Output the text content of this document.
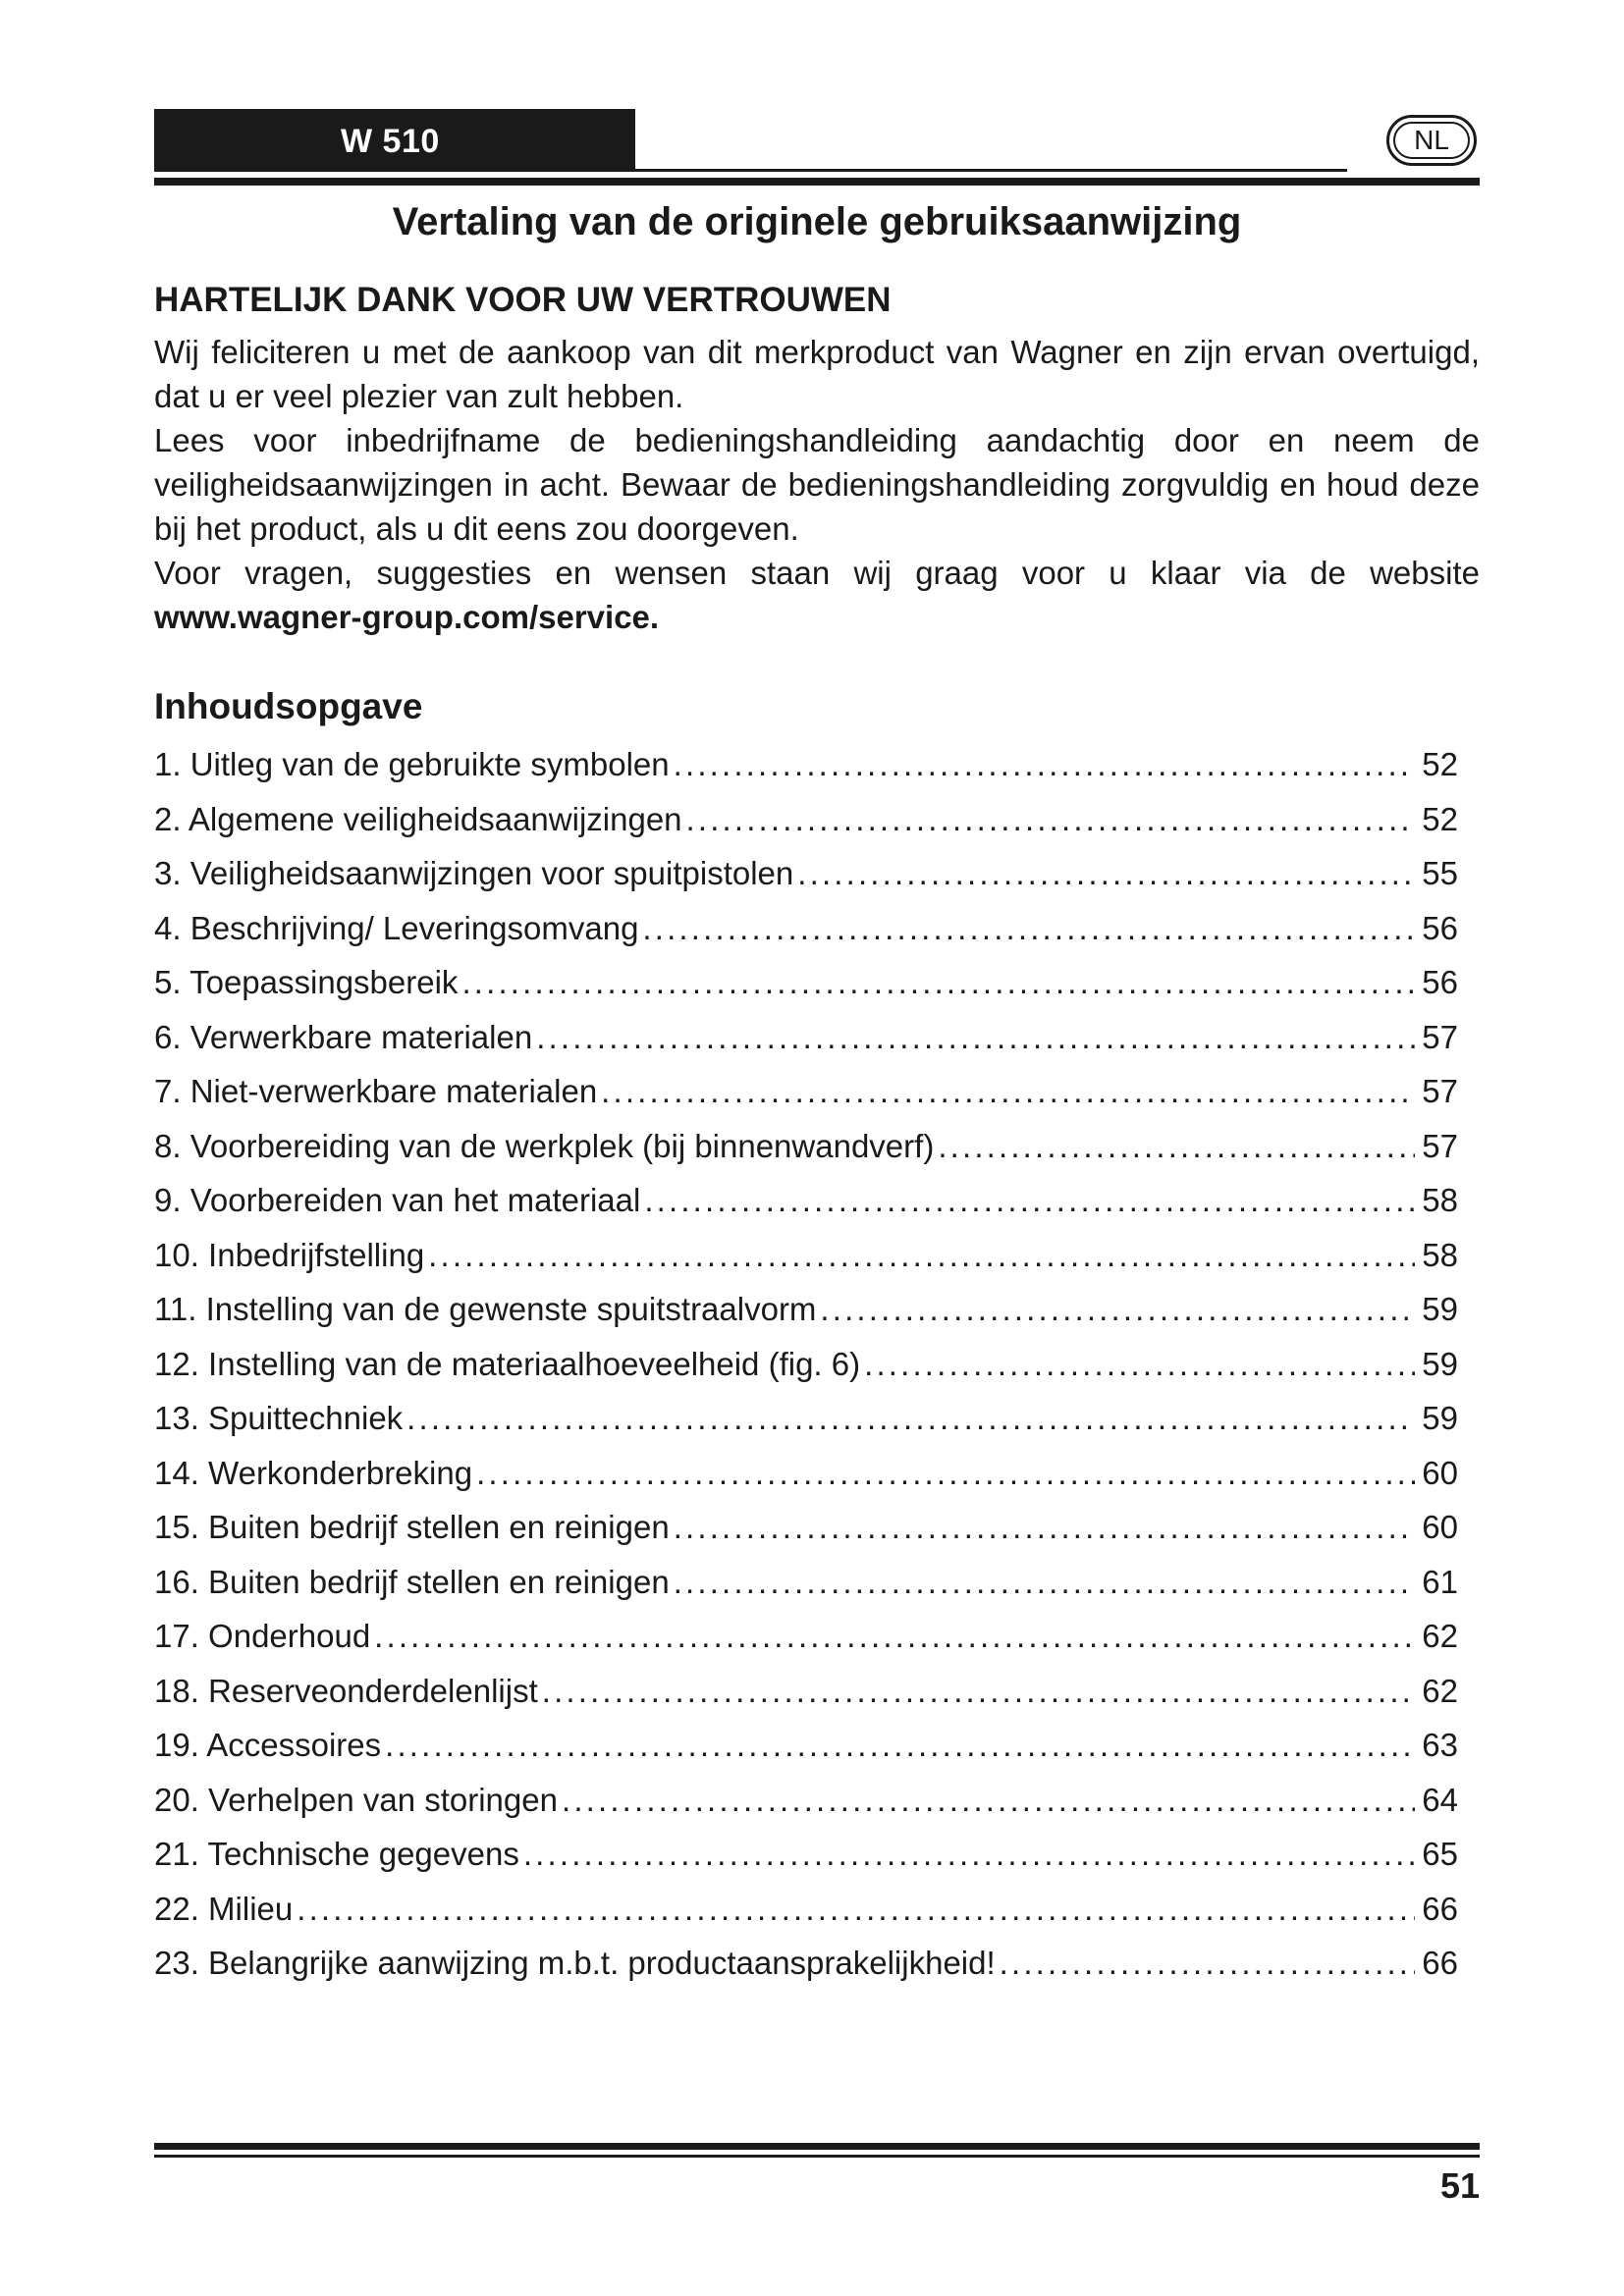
W 510	NL
Vertaling van de originele gebruiksaanwijzing
HARTELIJK DANK VOOR UW VERTROUWEN

Wij feliciteren u met de aankoop van dit merkproduct van Wagner en zijn ervan overtuigd, dat u er veel plezier van zult hebben.

Lees voor inbedrijfname de bedieningshandleiding aandachtig door en neem de veiligheidsaanwijzingen in acht. Bewaar de bedieningshandleiding zorgvuldig en houd deze bij het product, als u dit eens zou doorgeven.

Voor vragen, suggesties en wensen staan wij graag voor u klaar via de website

www.wagner-group.com/service.

Inhoudsopgave
1. Uitleg van de gebruikte symbolen . . .	52
2. Algemene veiligheidsaanwijzingen . . .	52
3. Veiligheidsaanwijzingen voor spuitpistolen . . .	55
4. Beschrijving/ Leveringsomvang . . .	56
5. Toepassingsbereik . . .	56
6. Verwerkbare materialen . . .	57
7. Niet-verwerkbare materialen . . .	57
8. Voorbereiding van de werkplek (bij binnenwandverf) . . .	57
9. Voorbereiden van het materiaal . . .	58
10. Inbedrijfstelling . . .	58
11. Instelling van de gewenste spuitstraalvorm . . .	59
12. Instelling van de materiaalhoeveelheid (fig. 6) . . .	59
13. Spuittechniek . . .	59
14. Werkonderbreking . . .	60
15. Buiten bedrijf stellen en reinigen . . .	60
16. Buiten bedrijf stellen en reinigen . . .	61
17. Onderhoud . . .	62
18. Reserveonderdelenlijst . . .	62
19. Accessoires . . .	63
20. Verhelpen van storingen . . .	64
21. Technische gegevens . . .	65
22. Milieu . . .	66
23. Belangrijke aanwijzing m.b.t. productaansprakelijkheid! . . .	66
51
